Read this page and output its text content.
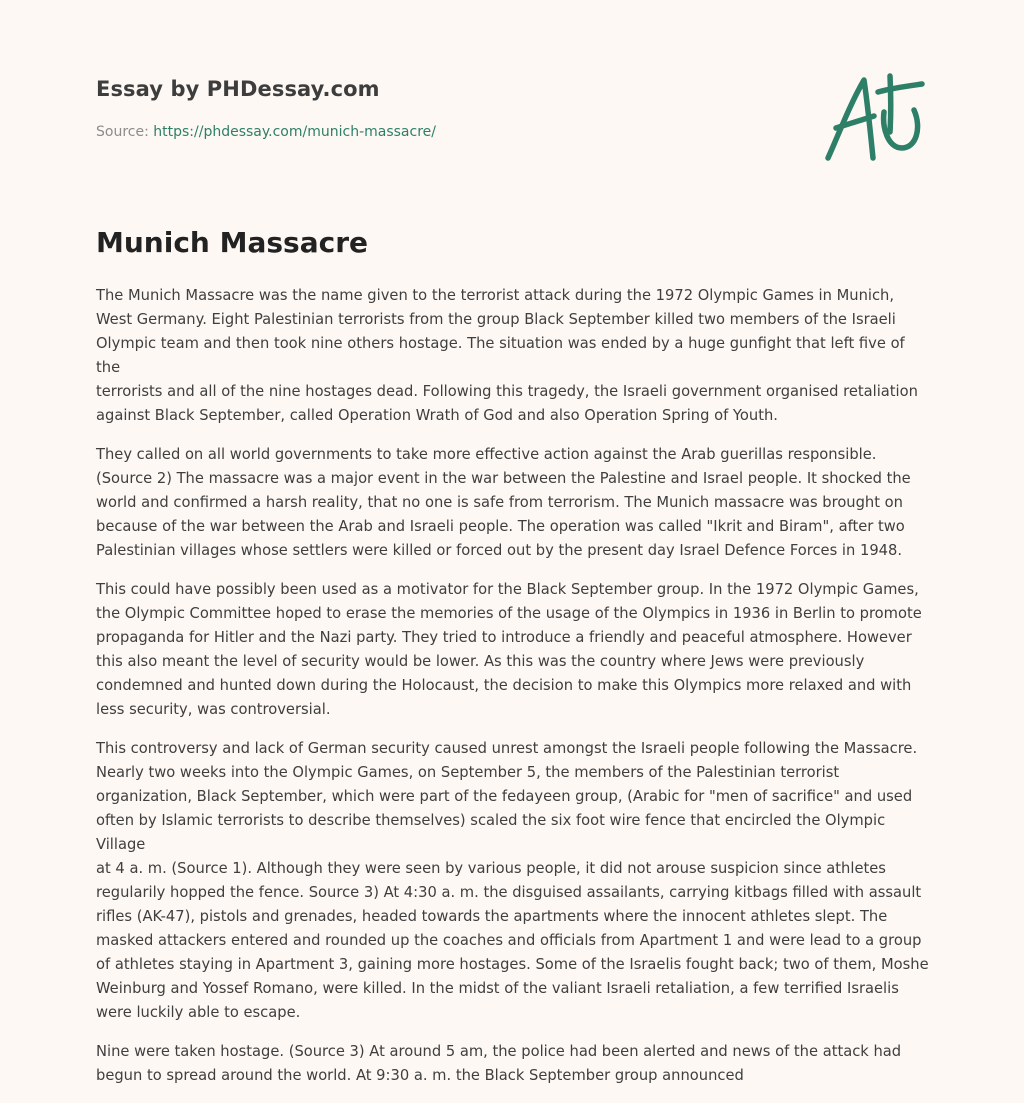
Essay by PHDessay.com
Source: https://phdessay.com/munich-massacre/
Munich Massacre

The Munich Massacre was the name given to the terrorist attack during the 1972 Olympic Games in Munich,
West Germany. Eight Palestinian terrorists from the group Black September killed two members of the Israeli
Olympic team and then took nine others hostage. The situation was ended by a huge gunfight that left five of the
terrorists and all of the nine hostages dead. Following this tragedy, the Israeli government organised retaliation
against Black September, called Operation Wrath of God and also Operation Spring of Youth.

They called on all world governments to take more effective action against the Arab guerillas responsible.
(Source 2) The massacre was a major event in the war between the Palestine and Israel people. It shocked the
world and confirmed a harsh reality, that no one is safe from terrorism. The Munich massacre was brought on
because of the war between the Arab and Israeli people. The operation was called "Ikrit and Biram", after two
Palestinian villages whose settlers were killed or forced out by the present day Israel Defence Forces in 1948.

This could have possibly been used as a motivator for the Black September group. In the 1972 Olympic Games,
the Olympic Committee hoped to erase the memories of the usage of the Olympics in 1936 in Berlin to promote
propaganda for Hitler and the Nazi party. They tried to introduce a friendly and peaceful atmosphere. However
this also meant the level of security would be lower. As this was the country where Jews were previously
condemned and hunted down during the Holocaust, the decision to make this Olympics more relaxed and with
less security, was controversial.

This controversy and lack of German security caused unrest amongst the Israeli people following the Massacre.
Nearly two weeks into the Olympic Games, on September 5, the members of the Palestinian terrorist
organization, Black September, which were part of the fedayeen group, (Arabic for "men of sacrifice" and used
often by Islamic terrorists to describe themselves) scaled the six foot wire fence that encircled the Olympic Village
at 4 a. m. (Source 1). Although they were seen by various people, it did not arouse suspicion since athletes
regularily hopped the fence. Source 3) At 4:30 a. m. the disguised assailants, carrying kitbags filled with assault
rifles (AK-47), pistols and grenades, headed towards the apartments where the innocent athletes slept. The
masked attackers entered and rounded up the coaches and officials from Apartment 1 and were lead to a group
of athletes staying in Apartment 3, gaining more hostages. Some of the Israelis fought back; two of them, Moshe
Weinburg and Yossef Romano, were killed. In the midst of the valiant Israeli retaliation, a few terrified Israelis
were luckily able to escape.

Nine were taken hostage. (Source 3) At around 5 am, the police had been alerted and news of the attack had
begun to spread around the world. At 9:30 a. m. the Black September group announced
